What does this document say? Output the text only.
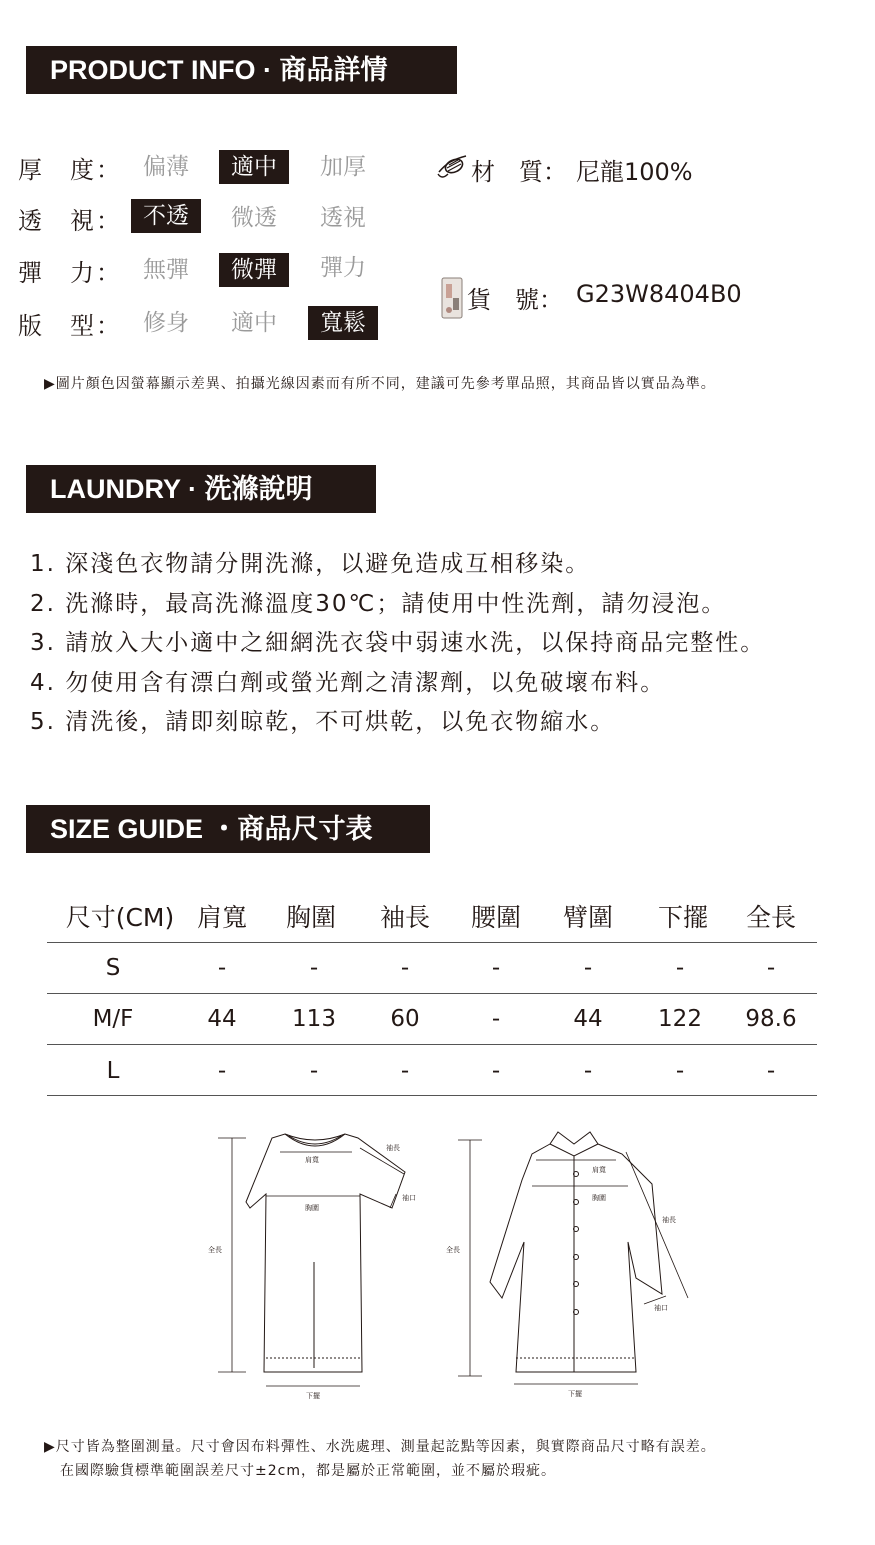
PRODUCT INFO · 商品詳情
厚　度： 偏薄	適中	加厚
透　視： 不透	微透	透視
彈　力： 無彈	微彈	彈力
版　型： 修身	適中	寬鬆
材　質： 尼龍100%
貨　號： G23W8404B0
▶圖片顏色因螢幕顯示差異、拍攝光線因素而有所不同，建議可先參考單品照，其商品皆以實品為準。
LAUNDRY · 洗滌說明
1. 深淺色衣物請分開洗滌，以避免造成互相移染。
2. 洗滌時，最高洗滌溫度30℃；請使用中性洗劑，請勿浸泡。
3. 請放入大小適中之細網洗衣袋中弱速水洗，以保持商品完整性。
4. 勿使用含有漂白劑或螢光劑之清潔劑，以免破壞布料。
5. 清洗後，請即刻晾乾，不可烘乾，以免衣物縮水。
SIZE GUIDE ・商品尺寸表
尺寸(CM) 肩寬	胸圍	袖長	腰圍	臂圍	下擺	全長
S	-	-	-	-	-	-	-
M/F	44	113	60	-	44	122	98.6
L	-	-	-	-	-	-	-
肩寬
胸圍
袖長
袖口
全長
下擺
肩寬
胸圍
袖長
袖口
全長
下擺
▶尺寸皆為整圍測量。尺寸會因布料彈性、水洗處理、測量起訖點等因素，與實際商品尺寸略有誤差。
在國際驗貨標準範圍誤差尺寸±2cm，都是屬於正常範圍，並不屬於瑕疵。
